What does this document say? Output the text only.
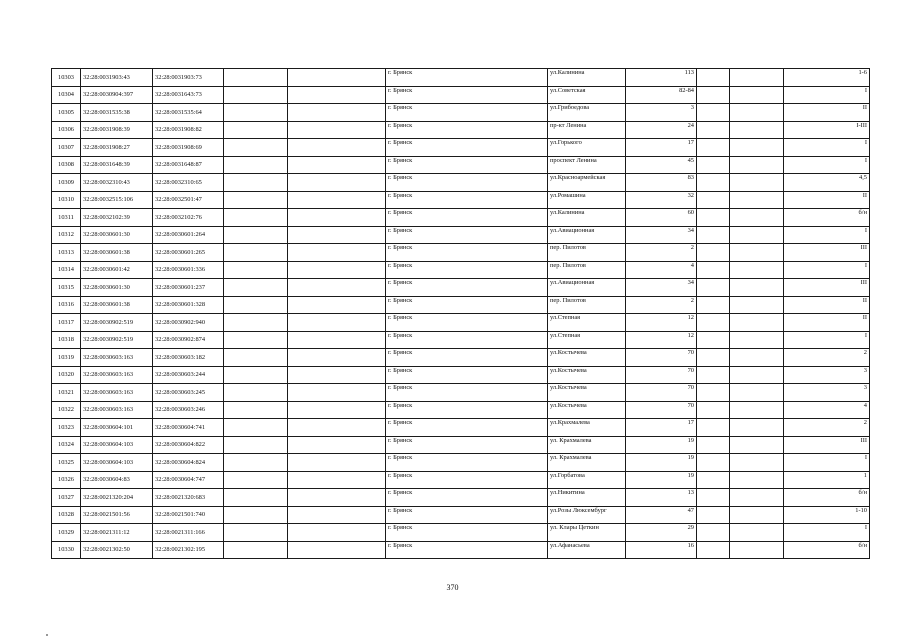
10303	32:28:0031903:43	32:28:0031903:73			г. Брянск	ул.Калинина	113			1-6
10304	32:28:0030904:397	32:28:0031643:73			г. Брянск	ул.Советская	82-84			I
10305	32:28:0031535:38	32:28:0031535:64			г. Брянск	ул.Грибоедова	3			II
10306	32:28:0031908:39	32:28:0031908:82			г. Брянск	пр-кт Ленина	24			I-III
10307	32:28:0031908:27	32:28:0031908:69			г. Брянск	ул.Горького	17			I
10308	32:28:0031648:39	32:28:0031648:87			г. Брянск	проспект Ленина	45			I
10309	32:28:0032310:43	32:28:0032310:65			г. Брянск	ул.Красноармейская	83			4,5
10310	32:28:0032515:106	32:28:0032501:47			г. Брянск	ул.Ромашина	32			II
10311	32:28:0032102:39	32:28:0032102:76			г. Брянск	ул.Калинина	60			б/н
10312	32:28:0030601:30	32:28:0030601:264			г. Брянск	ул.Авиационная	34			I
10313	32:28:0030601:38	32:28:0030601:265			г. Брянск	пер. Пилотов	2			III
10314	32:28:0030601:42	32:28:0030601:336			г. Брянск	пер. Пилотов	4			I
10315	32:28:0030601:30	32:28:0030601:237			г. Брянск	ул.Авиационная	34			III
10316	32:28:0030601:38	32:28:0030601:328			г. Брянск	пер. Пилотов	2			II
10317	32:28:0030902:519	32:28:0030902:940			г. Брянск	ул.Степная	12			II
10318	32:28:0030902:519	32:28:0030902:874			г. Брянск	ул.Степная	12			I
10319	32:28:0030603:163	32:28:0030603:182			г. Брянск	ул.Костычева	70			2
10320	32:28:0030603:163	32:28:0030603:244			г. Брянск	ул.Костычева	70			3
10321	32:28:0030603:163	32:28:0030603:245			г. Брянск	ул.Костычева	70			3
10322	32:28:0030603:163	32:28:0030603:246			г. Брянск	ул.Костычева	70			4
10323	32:28:0030604:101	32:28:0030604:741			г. Брянск	ул.Крахмалева	17			2
10324	32:28:0030604:103	32:28:0030604:822			г. Брянск	ул. Крахмалева	19			III
10325	32:28:0030604:103	32:28:0030604:824			г. Брянск	ул. Крахмалева	19			I
10326	32:28:0030604:83	32:28:0030604:747			г. Брянск	ул.Горбатова	19			1
10327	32:28:0021320:204	32:28:0021320:683			г. Брянск	ул.Никитина	13			б/н
10328	32:28:0021501:56	32:28:0021501:740			г. Брянск	ул.Розы Люксембург	47			1-10
10329	32:28:0021311:12	32:28:0021311:166			г. Брянск	ул. Клары Цеткин	29			I
10330	32:28:0021302:50	32:28:0021302:195			г. Брянск	ул.Афанасьева	16			б/н
370
